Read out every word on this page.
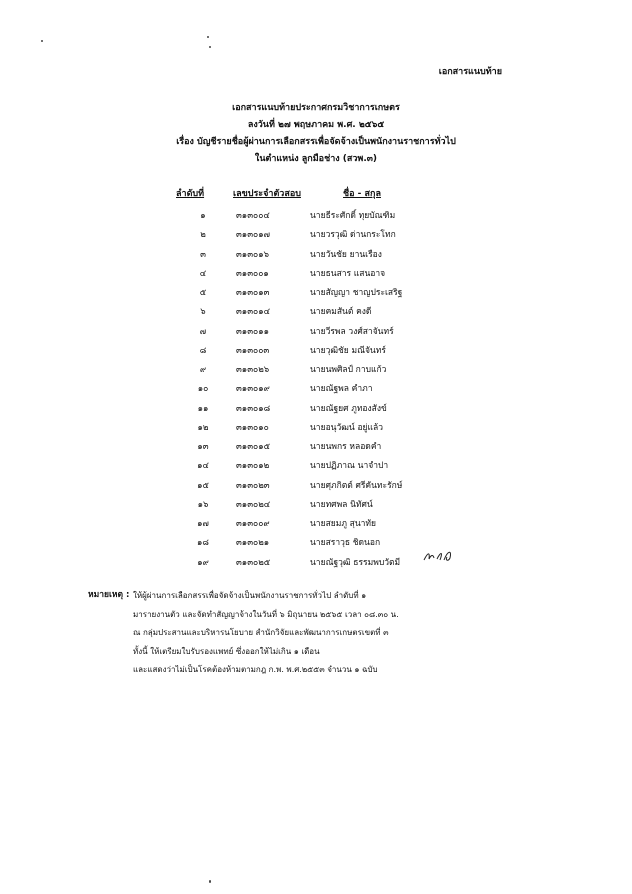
เอกสารแนบท้าย
เอกสารแนบท้ายประกาศกรมวิชาการเกษตร
ลงวันที่ ๒๗ พฤษภาคม พ.ศ. ๒๕๖๕
เรื่อง บัญชีรายชื่อผู้ผ่านการเลือกสรรเพื่อจัดจ้างเป็นพนักงานราชการทั่วไป
ในตำแหน่ง ลูกมือช่าง (สวพ.๓)
ลำดับที่	เลขประจำตัวสอบ	ชื่อ - สกุล
๑	๓๑๓๐๐๔	นายธีระศักดิ์ ทุยบัณฑิม
๒	๓๑๓๐๑๗	นายวรวุฒิ ด่านกระโทก
๓	๓๑๓๐๑๖	นายวันชัย ยานเรือง
๔	๓๑๓๐๐๑	นายธนสาร แสนอาจ
๕	๓๑๓๐๑๓	นายสัญญา ชาญประเสริฐ
๖	๓๑๓๐๑๔	นายคมสันต์ คงดี
๗	๓๑๓๐๑๑	นายวีรพล วงศ์สาจันทร์
๘	๓๑๓๐๐๓	นายวุฒิชัย มณีจันทร์
๙	๓๑๓๐๒๖	นายนพศิลป์ กาบแก้ว
๑๐	๓๑๓๐๑๙	นายณัฐพล คำภา
๑๑	๓๑๓๐๑๘	นายณัฐยศ ภูทองสังข์
๑๒	๓๑๓๐๑๐	นายอนุวัฒน์ อยู่แล้ว
๑๓	๓๑๓๐๑๕	นายนพกร หลอดคำ
๑๔	๓๑๓๐๑๒	นายปฏิภาณ นาจำปา
๑๕	๓๑๓๐๒๓	นายศุภกิตต์ ศรีคันทะรักษ์
๑๖	๓๑๓๐๒๔	นายทศพล นิทัศน์
๑๗	๓๑๓๐๐๙	นายสยมภู สุนาทัย
๑๘	๓๑๓๐๒๑	นายสราวุธ ชิดนอก
๑๙	๓๑๓๐๒๕	นายณัฐวุฒิ ธรรมพบวัตมี
หมายเหตุ : ให้ผู้ผ่านการเลือกสรรเพื่อจัดจ้างเป็นพนักงานราชการทั่วไป ลำดับที่ ๑
มารายงานตัว และจัดทำสัญญาจ้างในวันที่ ๖ มิถุนายน ๒๕๖๕ เวลา ๐๘.๓๐ น.
ณ กลุ่มประสานและบริหารนโยบาย สำนักวิจัยและพัฒนาการเกษตรเขตที่ ๓
ทั้งนี้ ให้เตรียมใบรับรองแพทย์ ซึ่งออกให้ไม่เกิน ๑ เดือน
และแสดงว่าไม่เป็นโรคต้องห้ามตามกฎ ก.พ. พ.ศ.๒๕๕๓ จำนวน ๑ ฉบับ
